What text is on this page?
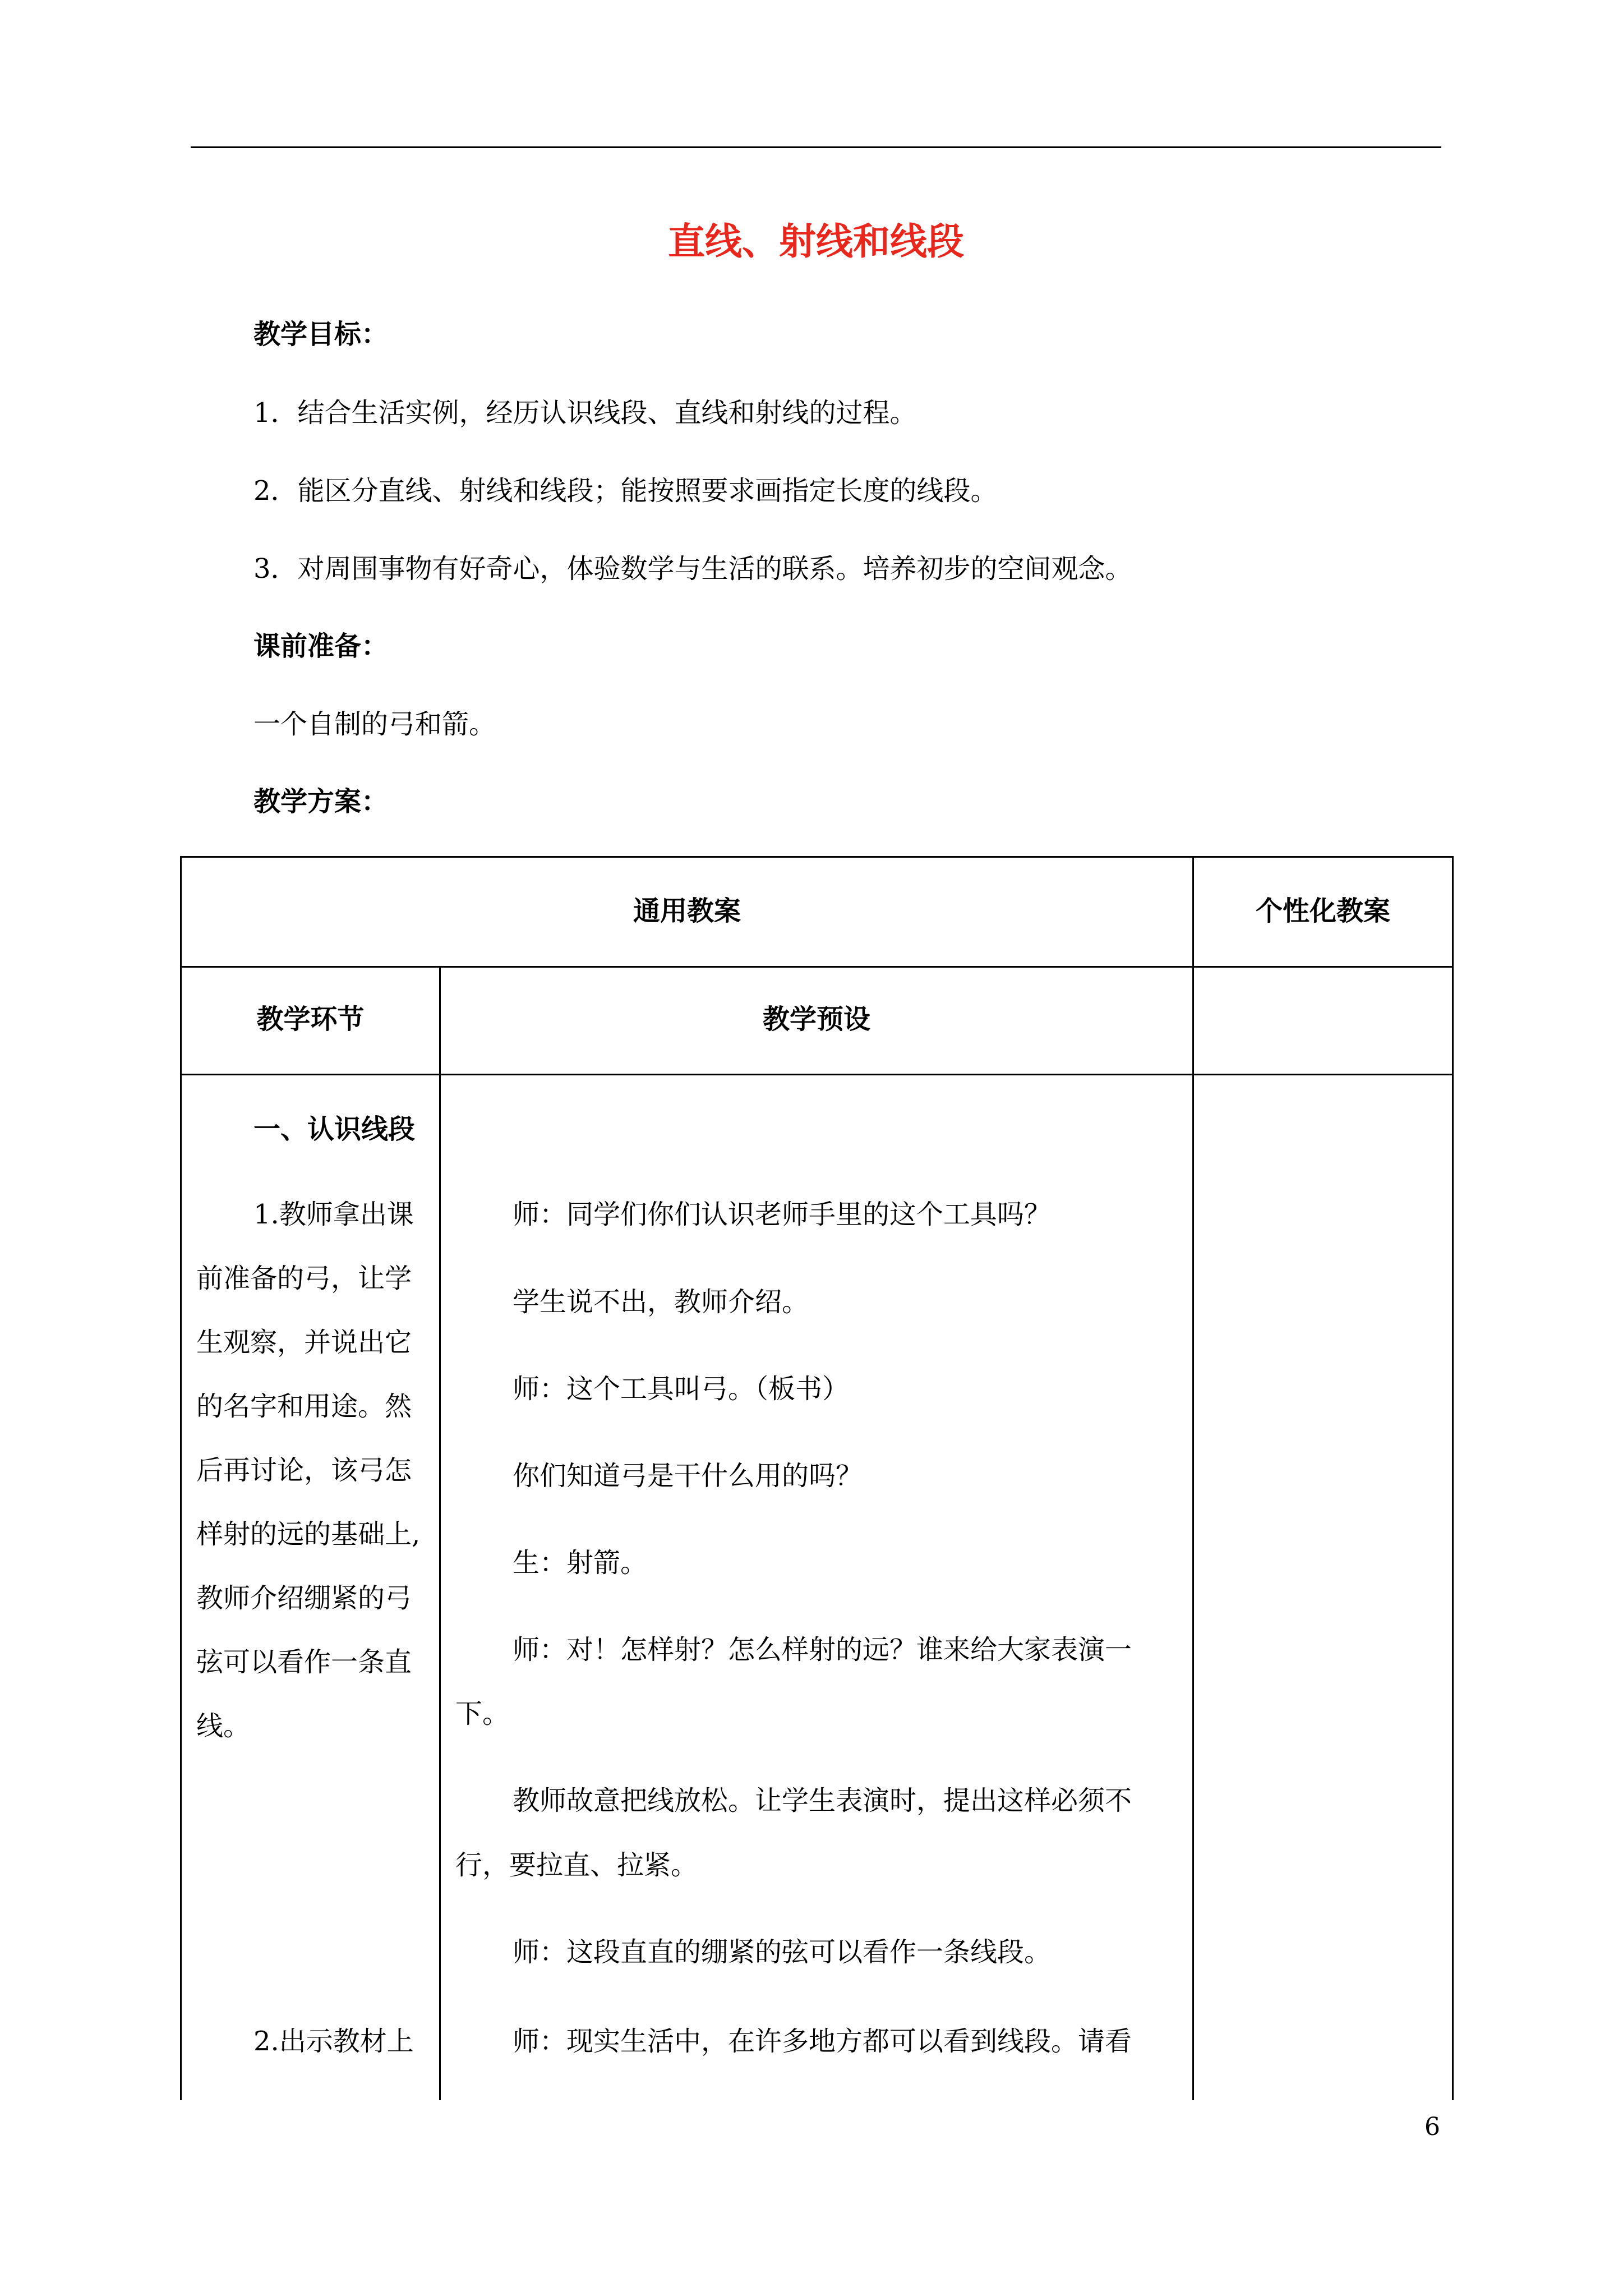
直线、射线和线段
教学目标：
1．结合生活实例，经历认识线段、直线和射线的过程。
2．能区分直线、射线和线段；能按照要求画指定长度的线段。
3．对周围事物有好奇心，体验数学与生活的联系。培养初步的空间观念。
课前准备：
一个自制的弓和箭。
教学方案：
通用教案	个性化教案
教学环节	教学预设
一、认识线段
1.教师拿出课
前准备的弓，让学
生观察，并说出它
的名字和用途。然
后再讨论，该弓怎
样射的远的基础上,
教师介绍绷紧的弓
弦可以看作一条直
线。
2.出示教材上
师：同学们你们认识老师手里的这个工具吗？
学生说不出，教师介绍。
师：这个工具叫弓。（板书）
你们知道弓是干什么用的吗？
生：射箭。
师：对！怎样射？怎么样射的远？谁来给大家表演一
下。
教师故意把线放松。让学生表演时，提出这样必须不
行，要拉直、拉紧。
师：这段直直的绷紧的弦可以看作一条线段。
师：现实生活中，在许多地方都可以看到线段。请看
6
